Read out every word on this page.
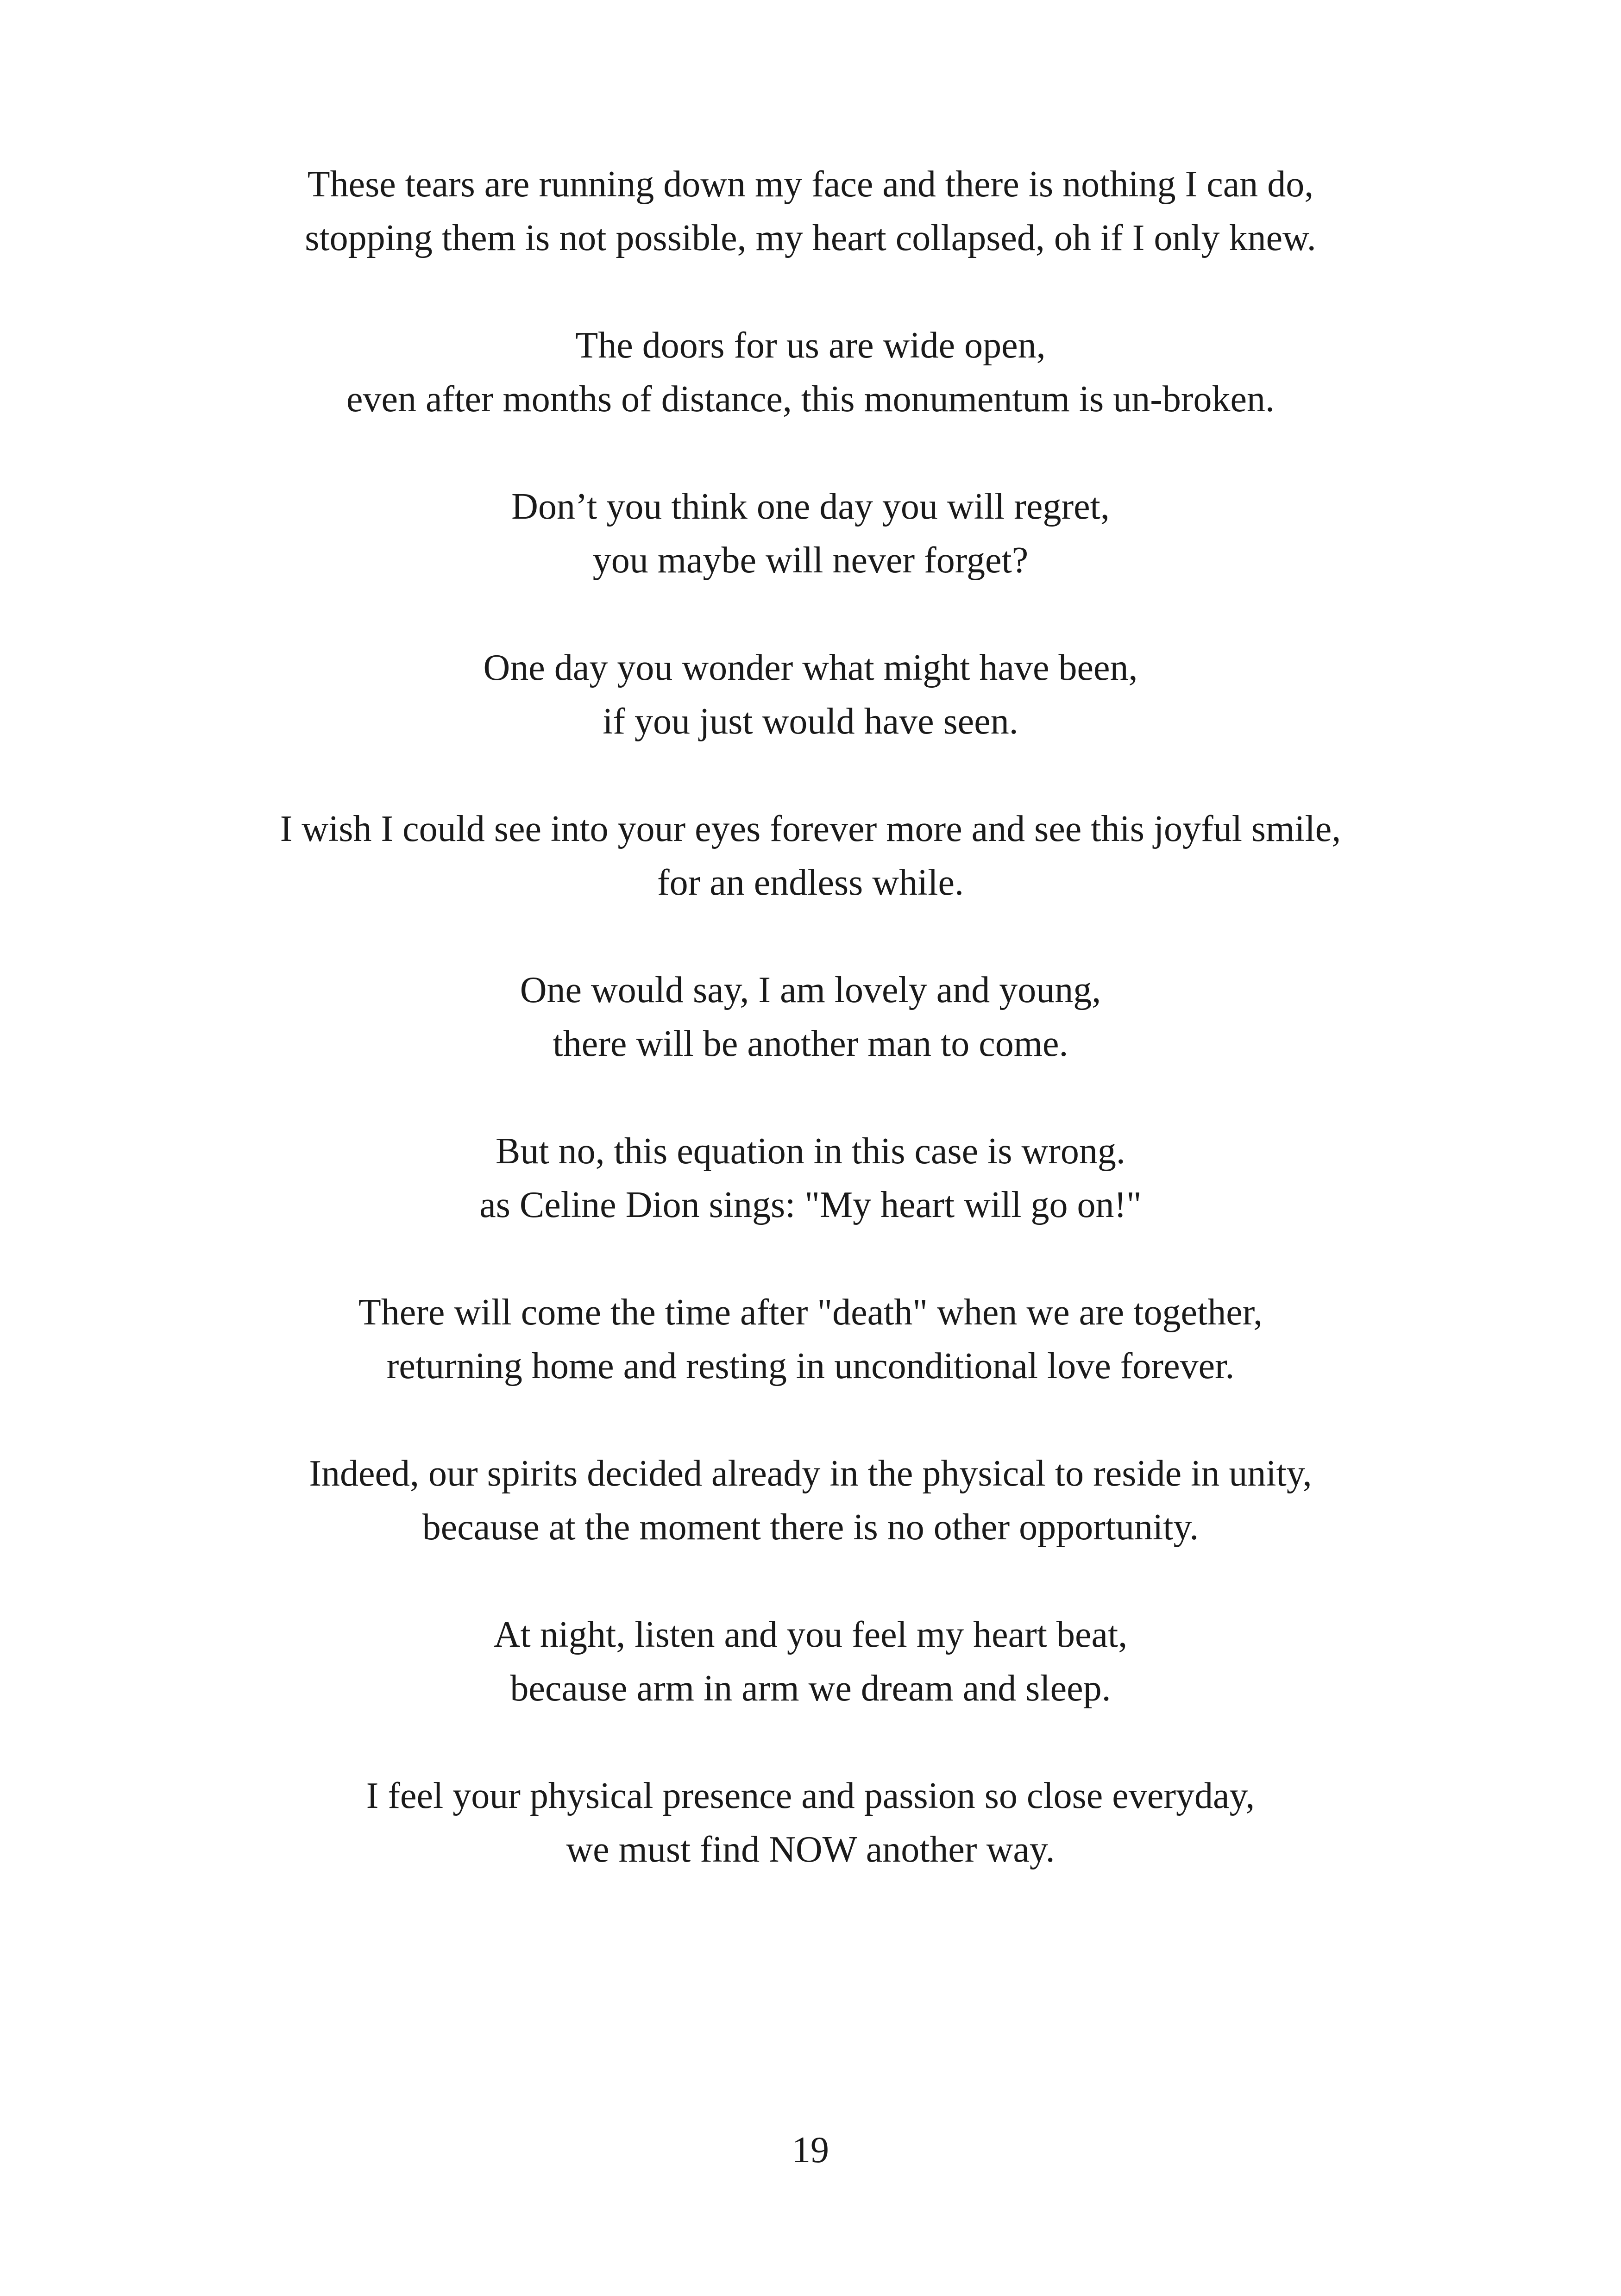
These tears are running down my face and there is nothing I can do,
stopping them is not possible, my heart collapsed, oh if I only knew.
The doors for us are wide open,
even after months of distance, this monumentum is un-broken.
Don’t you think one day you will regret,
you maybe will never forget?
One day you wonder what might have been,
if you just would have seen.
I wish I could see into your eyes forever more and see this joyful smile,
for an endless while.
One would say, I am lovely and young,
there will be another man to come.
But no, this equation in this case is wrong.
as Celine Dion sings: "My heart will go on!"
There will come the time after "death" when we are together,
returning home and resting in unconditional love forever.
Indeed, our spirits decided already in the physical to reside in unity,
because at the moment there is no other opportunity.
At night, listen and you feel my heart beat,
because arm in arm we dream and sleep.
I feel your physical presence and passion so close everyday,
we must find NOW another way.
19
